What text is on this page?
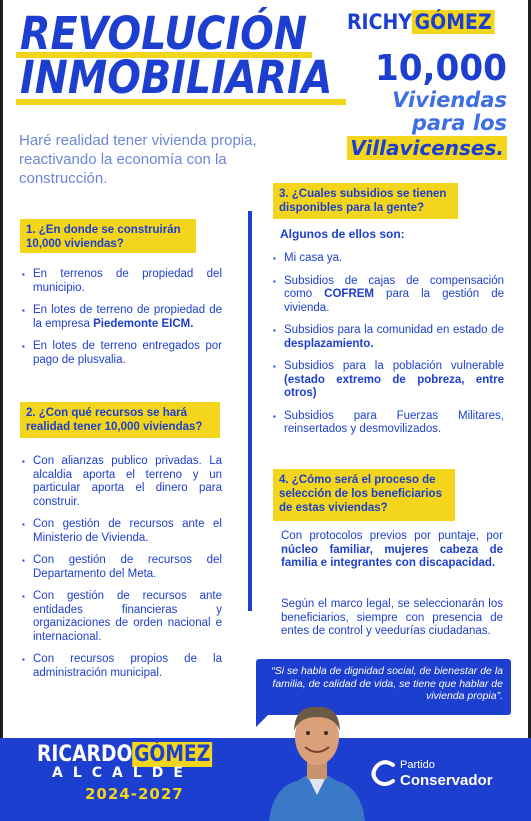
REVOLUCIÓN
INMOBILIARIA
RICHY GÓMEZ
10,000
Viviendas
para los
Villavicenses.

Haré realidad tener vivienda propia, reactivando la economía con la construcción.

1. ¿En donde se construirán 10,000 viviendas?
▪ En terrenos de propiedad del municipio.
▪ En lotes de terreno de propiedad de la empresa Piedemonte EICM.
▪ En lotes de terreno entregados por pago de plusvalia.
2. ¿Con qué recursos se hará realidad tener 10,000 viviendas?
▪ Con alianzas publico privadas. La alcaldia aporta el terreno y un particular aporta el dinero para construir.
▪ Con gestión de recursos ante el Ministerio de Vivienda.
▪ Con gestión de recursos del Departamento del Meta.
▪ Con gestión de recursos ante entidades financieras y organizaciones de orden nacional e internacional.
▪ Con recursos propios de la administración municipal.
3. ¿Cuales subsidios se tienen disponibles para la gente?
Algunos de ellos son:
▪ Mi casa ya.
▪ Subsidios de cajas de compensación como COFREM para la gestión de vivienda.
▪ Subsidios para la comunidad en estado de desplazamiento.
▪ Subsidios para la población vulnerable (estado extremo de pobreza, entre otros)
▪ Subsidios para Fuerzas Militares, reinsertados y desmovilizados.
4. ¿Cómo será el proceso de selección de los beneficiarios de estas viviendas?

Con protocolos previos por puntaje, por núcleo familiar, mujeres cabeza de familia e integrantes con discapacidad.

Según el marco legal, se seleccionarán los beneficiarios, siempre con presencia de entes de control y veedurías ciudadanas.

“Si se habla de dignidad social, de bienestar de la familia, de calidad de vida, se tiene que hablar de vivienda propia”.
RICARDOGÓMEZ
ALCALDE
2024-2027
Partido
Conservador
